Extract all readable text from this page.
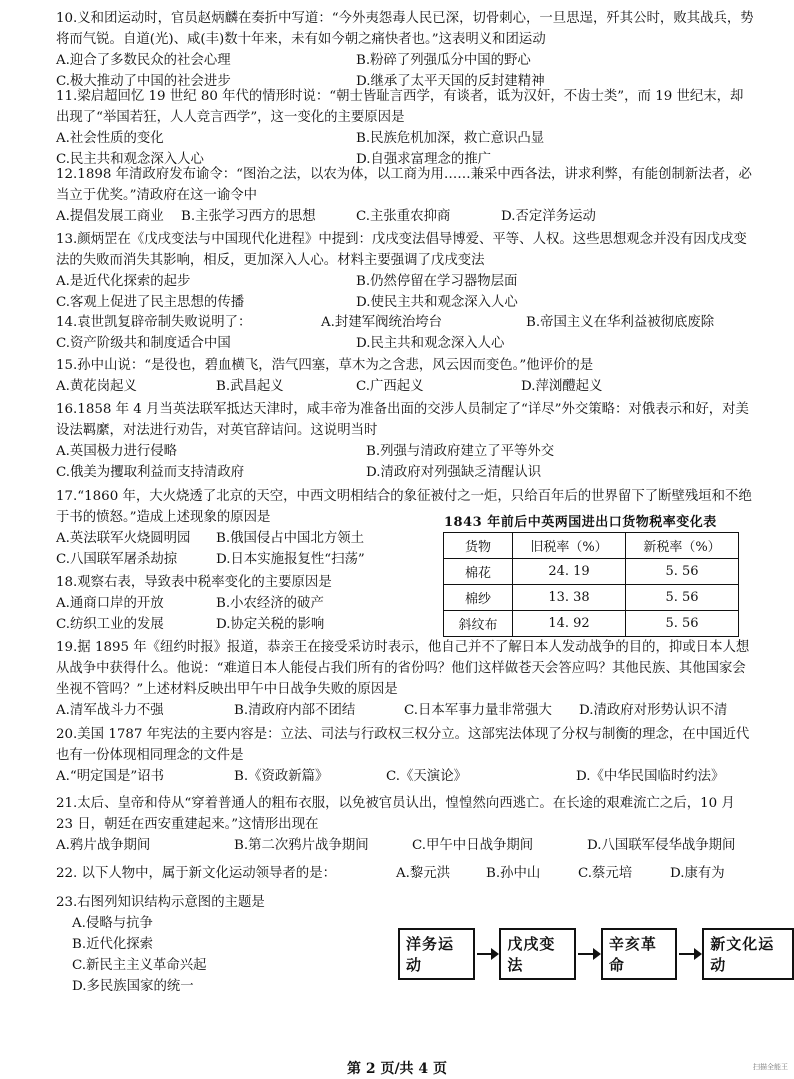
10.义和团运动时，官员赵炳麟在奏折中写道：“今外夷怨毒人民已深，切骨刺心，一旦思逞，歼其公时，败其战兵，势将而气锐。自道(光)、咸(丰)数十年来，未有如今朝之痛快者也。”这表明义和团运动
A.迎合了多数民众的社会心理	B.粉碎了列强瓜分中国的野心
C.极大推动了中国的社会进步	D.继承了太平天国的反封建精神
11.梁启超回忆 19 世纪 80 年代的情形时说：“朝士皆耻言西学，有谈者，诋为汉奸，不齿士类”，而 19 世纪末，却出现了“举国若狂，人人竞言西学”，这一变化的主要原因是
A.社会性质的变化	B.民族危机加深，救亡意识凸显
C.民主共和观念深入人心	D.自强求富理念的推广
12.1898 年清政府发布谕令：“图治之法，以农为体，以工商为用……兼采中西各法，讲求利弊，有能创制新法者，必当立于优奖。”清政府在这一谕令中
A.提倡发展工商业	B.主张学习西方的思想	C.主张重农抑商	D.否定洋务运动
13.颜炳罡在《戊戌变法与中国现代化进程》中提到：戊戌变法倡导博爱、平等、人权。这些思想观念并没有因戊戌变法的失败而消失其影响，相反，更加深入人心。材料主要强调了戊戌变法
A.是近代化探索的起步	B.仍然停留在学习器物层面
C.客观上促进了民主思想的传播	D.使民主共和观念深入人心
14.袁世凯复辟帝制失败说明了：	A.封建军阀统治垮台	B.帝国主义在华利益被彻底废除
C.资产阶级共和制度适合中国	D.民主共和观念深入人心
15.孙中山说：“是役也，碧血横飞，浩气四塞，草木为之含悲，风云因而变色。”他评价的是
A.黄花岗起义	B.武昌起义	C.广西起义	D.萍浏醴起义
16.1858 年 4 月当英法联军抵达天津时，咸丰帝为准备出面的交涉人员制定了“详尽”外交策略：对俄表示和好，对美设法羁縻，对法进行劝告，对英官辞诘问。这说明当时
A.英国极力进行侵略	B.列强与清政府建立了平等外交
C.俄美为攫取利益而支持清政府	D.清政府对列强缺乏清醒认识
17.“1860 年，大火烧透了北京的天空，中西文明相结合的象征被付之一炬，只给百年后的世界留下了断壁残垣和不绝于书的愤怒。”造成上述现象的原因是
A.英法联军火烧圆明园	B.俄国侵占中国北方领土
C.八国联军屠杀劫掠	D.日本实施报复性“扫荡”
18.观察右表，导致表中税率变化的主要原因是
A.通商口岸的开放	B.小农经济的破产
C.纺织工业的发展	D.协定关税的影响
1843 年前后中英两国进出口货物税率变化表
货物	旧税率（%）	新税率（%）
棉花	24. 19	5. 56
棉纱	13. 38	5. 56
斜纹布	14. 92	5. 56
19.据 1895 年《纽约时报》报道，恭亲王在接受采访时表示，他自己并不了解日本人发动战争的目的，抑或日本人想从战争中获得什么。他说：“难道日本人能侵占我们所有的省份吗？他们这样做苍天会答应吗？其他民族、其他国家会坐视不管吗？”上述材料反映出甲午中日战争失败的原因是
A.清军战斗力不强	B.清政府内部不团结	C.日本军事力量非常强大	D.清政府对形势认识不清
20.美国 1787 年宪法的主要内容是：立法、司法与行政权三权分立。这部宪法体现了分权与制衡的理念，在中国近代也有一份体现相同理念的文件是
A.“明定国是”诏书	B.《资政新篇》	C.《天演论》	D.《中华民国临时约法》
21.太后、皇帝和侍从“穿着普通人的粗布衣服，以免被官员认出，惶惶然向西逃亡。在长途的艰难流亡之后，10 月 23 日，朝廷在西安重建起来。”这情形出现在
A.鸦片战争期间	B.第二次鸦片战争期间	C.甲午中日战争期间	D.八国联军侵华战争期间
22. 以下人物中，属于新文化运动领导者的是：	A.黎元洪	B.孙中山	C.蔡元培	D.康有为
23.右图列知识结构示意图的主题是
A.侵略与抗争
B.近代化探索
C.新民主主义革命兴起
D.多民族国家的统一
洋务运动
戊戌变法
辛亥革命
新文化运动
第 2 页/共 4 页	扫描全能王
